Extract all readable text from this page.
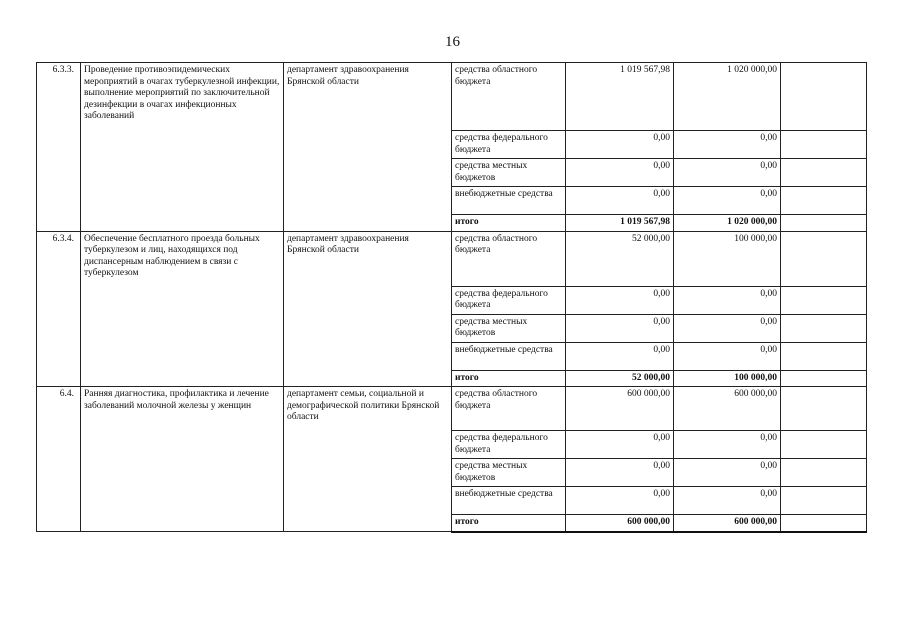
16
6.3.3.	Проведение противоэпидемических мероприятий в очагах туберкулезной инфекции, выполнение мероприятий по заключительной дезинфекции в очагах инфекционных заболеваний	департамент здравоохранения Брянской области	средства областного бюджета	1 019 567,98	1 020 000,00	
			средства федерального бюджета	0,00	0,00	
			средства местных бюджетов	0,00	0,00	
			внебюджетные средства	0,00	0,00	
			итого	1 019 567,98	1 020 000,00	
6.3.4.	Обеспечение бесплатного проезда больных туберкулезом и лиц, находящихся под диспансерным наблюдением в связи с туберкулезом	департамент здравоохранения Брянской области	средства областного бюджета	52 000,00	100 000,00	
			средства федерального бюджета	0,00	0,00	
			средства местных бюджетов	0,00	0,00	
			внебюджетные средства	0,00	0,00	
			итого	52 000,00	100 000,00	
6.4.	Ранняя диагностика, профилактика и лечение заболеваний молочной железы у женщин	департамент семьи, социальной и демографической политики Брянской области	средства областного бюджета	600 000,00	600 000,00	
			средства федерального бюджета	0,00	0,00	
			средства местных бюджетов	0,00	0,00	
			внебюджетные средства	0,00	0,00	
			итого	600 000,00	600 000,00	
